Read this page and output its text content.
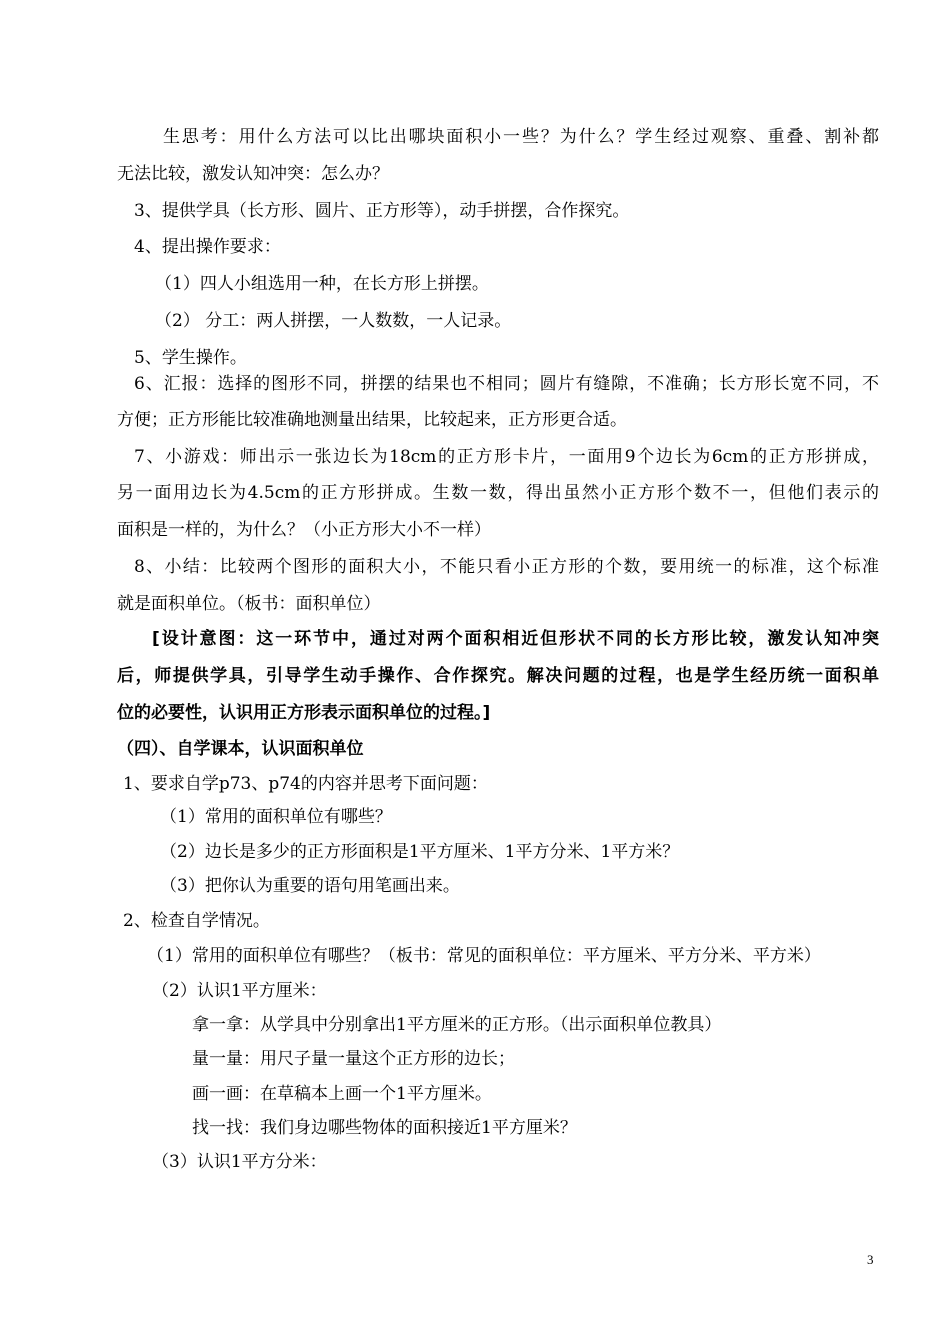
生思考：用什么方法可以比出哪块面积小一些？为什么？学生经过观察、重叠、割补都
无法比较，激发认知冲突：怎么办？
3、提供学具（长方形、圆片、正方形等），动手拼摆，合作探究。
4、提出操作要求：
（1）四人小组选用一种，在长方形上拼摆。
（2） 分工：两人拼摆，一人数数，一人记录。
5、学生操作。
6、汇报：选择的图形不同，拼摆的结果也不相同；圆片有缝隙，不准确；长方形长宽不同，不
方便；正方形能比较准确地测量出结果，比较起来，正方形更合适。
7、小游戏：师出示一张边长为18cm的正方形卡片，一面用9个边长为6cm的正方形拼成，
另一面用边长为4.5cm的正方形拼成。生数一数，得出虽然小正方形个数不一，但他们表示的
面积是一样的，为什么？（小正方形大小不一样）
8、小结：比较两个图形的面积大小，不能只看小正方形的个数，要用统一的标准，这个标准
就是面积单位。（板书：面积单位）
[设计意图：这一环节中，通过对两个面积相近但形状不同的长方形比较，激发认知冲突
后，师提供学具，引导学生动手操作、合作探究。解决问题的过程，也是学生经历统一面积单
位的必要性，认识用正方形表示面积单位的过程。]
（四）、自学课本，认识面积单位
1、要求自学p73、p74的内容并思考下面问题：
（1）常用的面积单位有哪些？
（2）边长是多少的正方形面积是1平方厘米、1平方分米、1平方米？
（3）把你认为重要的语句用笔画出来。
2、检查自学情况。
（1）常用的面积单位有哪些？（板书：常见的面积单位：平方厘米、平方分米、平方米）
（2）认识1平方厘米：
拿一拿：从学具中分别拿出1平方厘米的正方形。（出示面积单位教具）
量一量：用尺子量一量这个正方形的边长；
画一画：在草稿本上画一个1平方厘米。
找一找：我们身边哪些物体的面积接近1平方厘米？
（3）认识1平方分米：
3
